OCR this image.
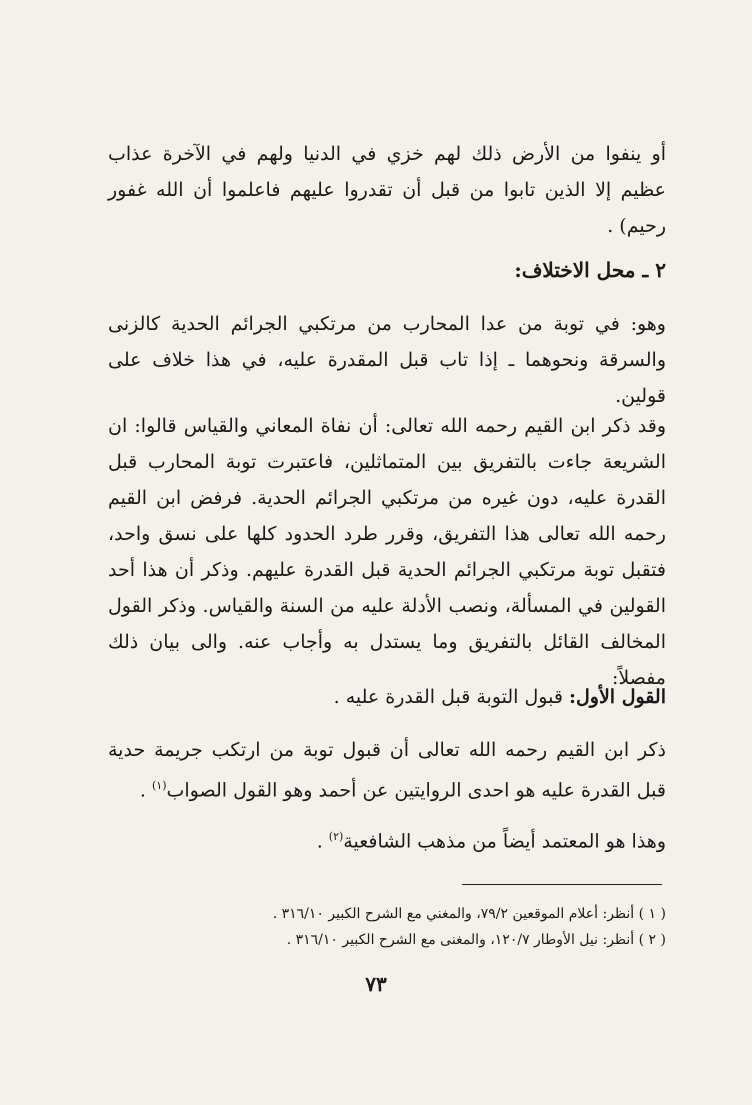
أو ينفوا من الأرض ذلك لهم خزي في الدنيا ولهم في الآخرة عذاب عظيم إلا الذين تابوا من قبل أن تقدروا عليهم فاعلموا أن الله غفور رحيم) .

٢ ـ محل الاختلاف:

وهو: في توبة من عدا المحارب من مرتكبي الجرائم الحدية كالزنى والسرقة ونحوهما ـ إذا تاب قبل المقدرة عليه، في هذا خلاف على قولين.

وقد ذكر ابن القيم رحمه الله تعالى: أن نفاة المعاني والقياس قالوا: ان الشريعة جاءت بالتفريق بين المتماثلين، فاعتبرت توبة المحارب قبل القدرة عليه، دون غيره من مرتكبي الجرائم الحدية. فرفض ابن القيم رحمه الله تعالى هذا التفريق، وقرر طرد الحدود كلها على نسق واحد، فتقبل توبة مرتكبي الجرائم الحدية قبل القدرة عليهم. وذكر أن هذا أحد القولين في المسألة، ونصب الأدلة عليه من السنة والقياس. وذكر القول المخالف القائل بالتفريق وما يستدل به وأجاب عنه. والى بيان ذلك مفصلاً:

القول الأول: قبول التوبة قبل القدرة عليه .

ذكر ابن القيم رحمه الله تعالى أن قبول توبة من ارتكب جريمة حدية قبل القدرة عليه هو احدى الروايتين عن أحمد وهو القول الصواب$^{(١)}$ .

وهذا هو المعتمد أيضاً من مذهب الشافعية$^{(٢)}$ .

( ١ ) أنظر: أعلام الموقعين ٧٩/٢، والمغني مع الشرح الكبير ٣١٦/١٠ .

( ٢ ) أنظر: نيل الأوطار ١٢٠/٧، والمغنى مع الشرح الكبير ٣١٦/١٠ .

٧٣
